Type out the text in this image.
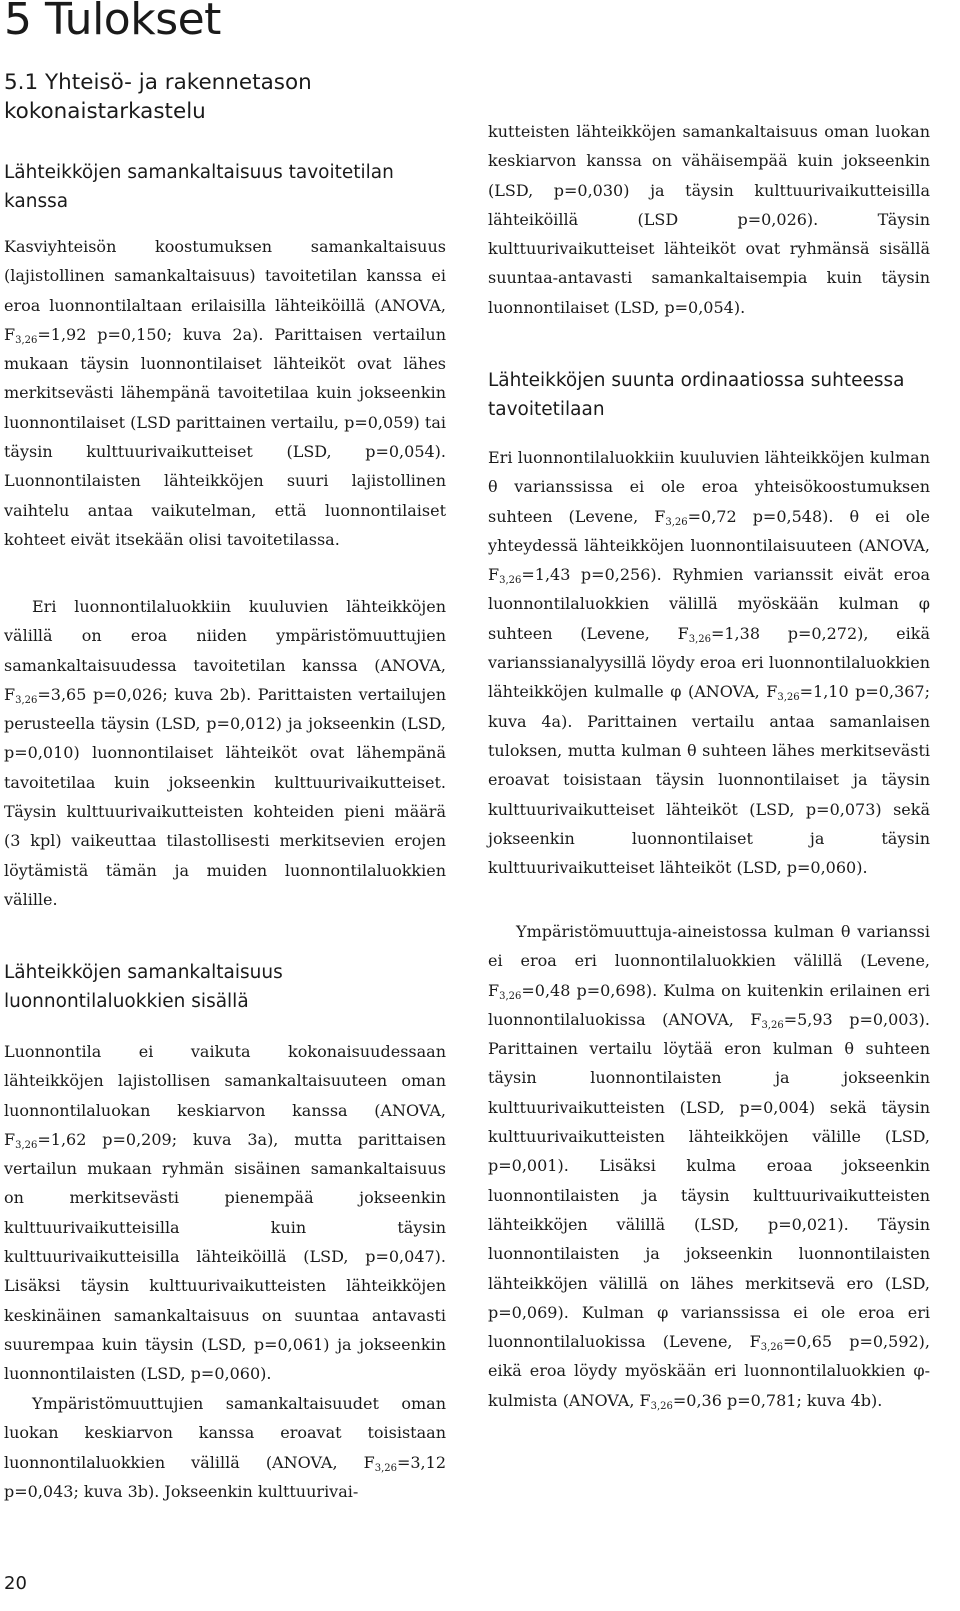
5 Tulokset
5.1 Yhteisö- ja rakennetason kokonaistarkastelu
Lähteikköjen samankaltaisuus tavoitetilan kanssa

Kasviyhteisön koostumuksen samankaltaisuus (lajistollinen samankaltaisuus) tavoitetilan kanssa ei eroa luonnontilaltaan erilaisilla lähteiköillä (ANOVA, $F_{3,26}=1,92$ p=0,150; kuva 2a). Parittaisen vertailun mukaan täysin luonnontilaiset lähteiköt ovat lähes merkitsevästi lähempänä tavoitetilaa kuin jokseenkin luonnontilaiset (LSD parittainen vertailu, p=0,059) tai täysin kulttuurivaikutteiset (LSD, p=0,054). Luonnontilaisten lähteikköjen suuri lajistollinen vaihtelu antaa vaikutelman, että luonnontilaiset kohteet eivät itsekään olisi tavoitetilassa.

Eri luonnontilaluokkiin kuuluvien lähteikköjen välillä on eroa niiden ympäristömuuttujien samankaltaisuudessa tavoitetilan kanssa (ANOVA, $F_{3,26}=3,65$ p=0,026; kuva 2b). Parittaisten vertailujen perusteella täysin (LSD, p=0,012) ja jokseenkin (LSD, p=0,010) luonnontilaiset lähteiköt ovat lähempänä tavoitetilaa kuin jokseenkin kulttuurivaikutteiset. Täysin kulttuurivaikutteisten kohteiden pieni määrä (3 kpl) vaikeuttaa tilastollisesti merkitsevien erojen löytämistä tämän ja muiden luonnontilaluokkien välille.

Lähteikköjen samankaltaisuus luonnontilaluokkien sisällä

Luonnontila ei vaikuta kokonaisuudessaan lähteikköjen lajistollisen samankaltaisuuteen oman luonnontilaluokan keskiarvon kanssa (ANOVA, $F_{3,26}=1,62$ p=0,209; kuva 3a), mutta parittaisen vertailun mukaan ryhmän sisäinen samankaltaisuus on merkitsevästi pienempää jokseenkin kulttuurivaikutteisilla kuin täysin kulttuurivaikutteisilla lähteiköillä (LSD, p=0,047). Lisäksi täysin kulttuurivaikutteisten lähteikköjen keskinäinen samankaltaisuus on suuntaa antavasti suurempaa kuin täysin (LSD, p=0,061) ja jokseenkin luonnontilaisten (LSD, p=0,060).

Ympäristömuuttujien samankaltaisuudet oman luokan keskiarvon kanssa eroavat toisistaan luonnontilaluokkien välillä (ANOVA, $F_{3,26}=3,12$ p=0,043; kuva 3b). Jokseenkin kulttuurivai-

kutteisten lähteikköjen samankaltaisuus oman luokan keskiarvon kanssa on vähäisempää kuin jokseenkin (LSD, p=0,030) ja täysin kulttuurivaikutteisilla lähteiköillä (LSD p=0,026). Täysin kulttuurivaikutteiset lähteiköt ovat ryhmänsä sisällä suuntaa-antavasti samankaltaisempia kuin täysin luonnontilaiset (LSD, p=0,054).

Lähteikköjen suunta ordinaatiossa suhteessa tavoitetilaan

Eri luonnontilaluokkiin kuuluvien lähteikköjen kulman θ varianssissa ei ole eroa yhteisökoostumuksen suhteen (Levene, $F_{3,26}=0,72$ p=0,548). θ ei ole yhteydessä lähteikköjen luonnontilaisuuteen (ANOVA, $F_{3,26}=1,43$ p=0,256). Ryhmien varianssit eivät eroa luonnontilaluokkien välillä myöskään kulman φ suhteen (Levene, $F_{3,26}=1,38$ p=0,272), eikä varianssianalyysillä löydy eroa eri luonnontilaluokkien lähteikköjen kulmalle φ (ANOVA, $F_{3,26}=1,10$ p=0,367; kuva 4a). Parittainen vertailu antaa samanlaisen tuloksen, mutta kulman θ suhteen lähes merkitsevästi eroavat toisistaan täysin luonnontilaiset ja täysin kulttuurivaikutteiset lähteiköt (LSD, p=0,073) sekä jokseenkin luonnontilaiset ja täysin kulttuurivaikutteiset lähteiköt (LSD, p=0,060).

Ympäristömuuttuja-aineistossa kulman θ varianssi ei eroa eri luonnontilaluokkien välillä (Levene, $F_{3,26}=0,48$ p=0,698). Kulma on kuitenkin erilainen eri luonnontilaluokissa (ANOVA, $F_{3,26}=5,93$ p=0,003). Parittainen vertailu löytää eron kulman θ suhteen täysin luonnontilaisten ja jokseenkin kulttuurivaikutteisten (LSD, p=0,004) sekä täysin kulttuurivaikutteisten lähteikköjen välille (LSD, p=0,001). Lisäksi kulma eroaa jokseenkin luonnontilaisten ja täysin kulttuurivaikutteisten lähteikköjen välillä (LSD, p=0,021). Täysin luonnontilaisten ja jokseenkin luonnontilaisten lähteikköjen välillä on lähes merkitsevä ero (LSD, p=0,069). Kulman φ varianssissa ei ole eroa eri luonnontilaluokissa (Levene, $F_{3,26}=0,65$ p=0,592), eikä eroa löydy myöskään eri luonnontilaluokkien φ-kulmista (ANOVA, $F_{3,26}=0,36$ p=0,781; kuva 4b).

20
